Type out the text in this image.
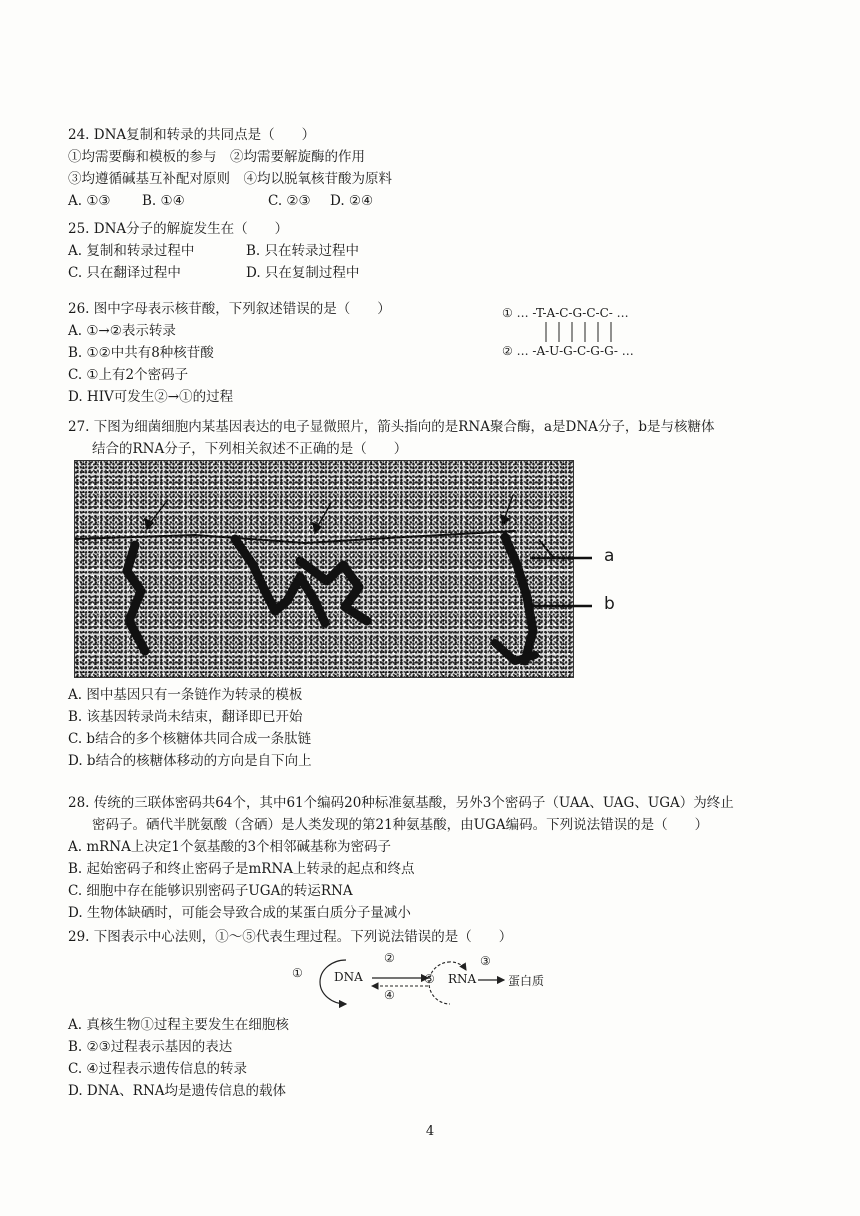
24. DNA复制和转录的共同点是（　　）
①均需要酶和模板的参与　②均需要解旋酶的作用
③均遵循碱基互补配对原则　④均以脱氧核苷酸为原料
A. ①③	B. ①④	C. ②③	D. ②④
25. DNA分子的解旋发生在（　　）
A. 复制和转录过程中	B. 只在转录过程中
C. 只在翻译过程中	D. 只在复制过程中
26. 图中字母表示核苷酸，下列叙述错误的是（　　）
A. ①→②表示转录
B. ①②中共有8种核苷酸
C. ①上有2个密码子
D. HIV可发生②→①的过程
① … -T-A-C-G-C-C- …
② … -A-U-G-C-G-G- …
27. 下图为细菌细胞内某基因表达的电子显微照片，箭头指向的是RNA聚合酶，a是DNA分子，b是与核糖体
结合的RNA分子，下列相关叙述不正确的是（　　）
a
b
A. 图中基因只有一条链作为转录的模板
B. 该基因转录尚未结束，翻译即已开始
C. b结合的多个核糖体共同合成一条肽链
D. b结合的核糖体移动的方向是自下向上
28. 传统的三联体密码共64个，其中61个编码20种标准氨基酸，另外3个密码子（UAA、UAG、UGA）为终止
密码子。硒代半胱氨酸（含硒）是人类发现的第21种氨基酸，由UGA编码。下列说法错误的是（　　）
A. mRNA上决定1个氨基酸的3个相邻碱基称为密码子
B. 起始密码子和终止密码子是mRNA上转录的起点和终点
C. 细胞中存在能够识别密码子UGA的转运RNA
D. 生物体缺硒时，可能会导致合成的某蛋白质分子量减小
29. 下图表示中心法则，①～⑤代表生理过程。下列说法错误的是（　　）
①	DNA
②
④
⑤ RNA
③
蛋白质
A. 真核生物①过程主要发生在细胞核
B. ②③过程表示基因的表达
C. ④过程表示遗传信息的转录
D. DNA、RNA均是遗传信息的载体
4
